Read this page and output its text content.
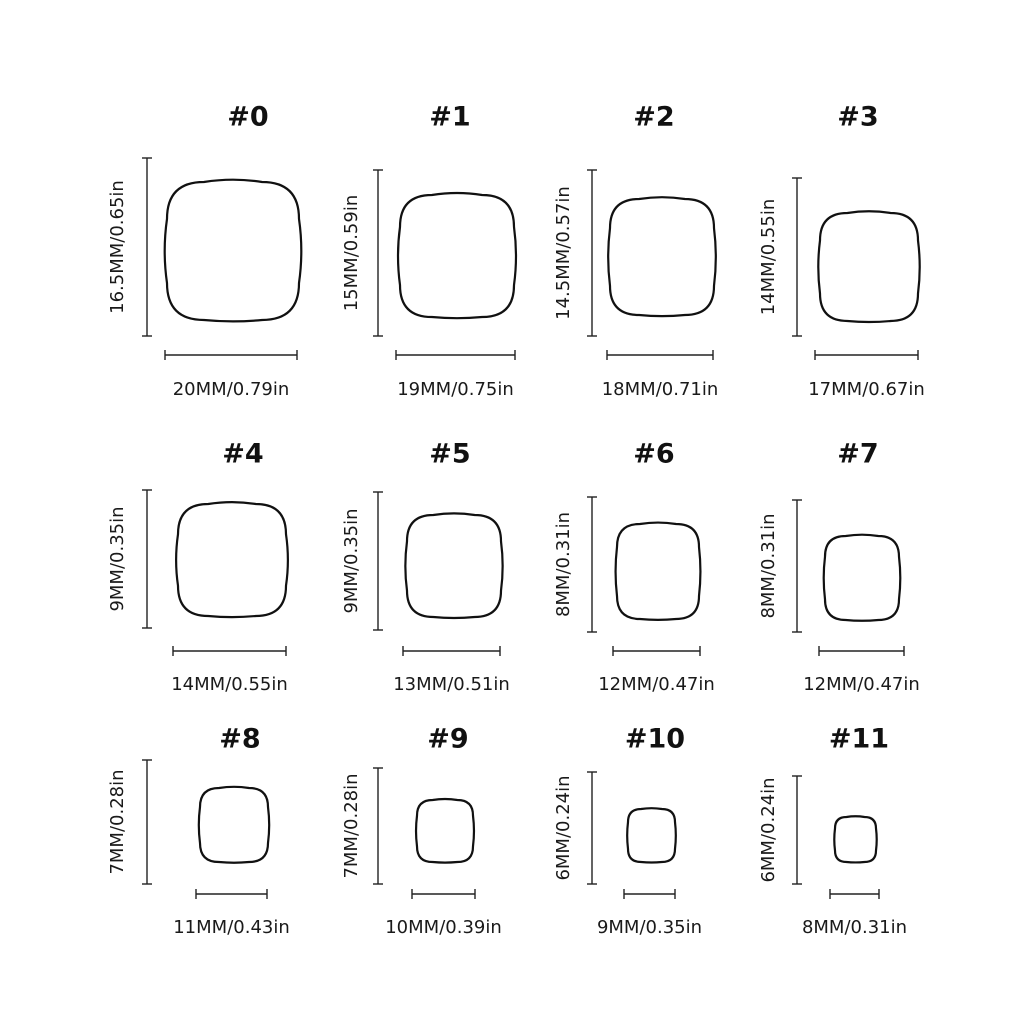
#0
20MM/0.79in
16.5MM/0.65in
#1
19MM/0.75in
15MM/0.59in
#2
18MM/0.71in
14.5MM/0.57in
#3
17MM/0.67in
14MM/0.55in
#4
14MM/0.55in
9MM/0.35in
#5
13MM/0.51in
9MM/0.35in
#6
12MM/0.47in
8MM/0.31in
#7
12MM/0.47in
8MM/0.31in
#8
11MM/0.43in
7MM/0.28in
#9
10MM/0.39in
7MM/0.28in
#10
9MM/0.35in
6MM/0.24in
#11
8MM/0.31in
6MM/0.24in
